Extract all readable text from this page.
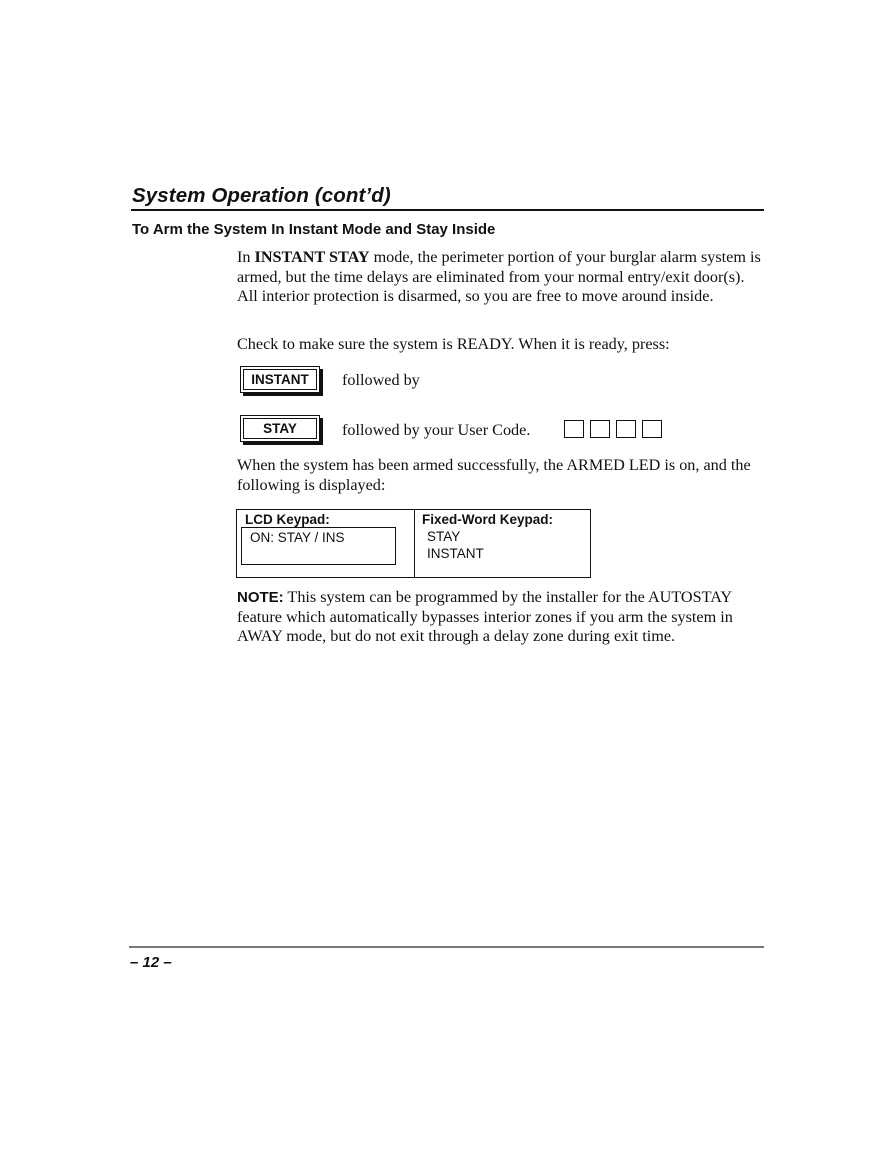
System Operation (cont’d)
To Arm the System In Instant Mode and Stay Inside

In INSTANT STAY mode, the perimeter portion of your burglar alarm system is armed, but the time delays are eliminated from your normal entry/exit door(s). All interior protection is disarmed, so you are free to move around inside.

Check to make sure the system is READY. When it is ready, press:

INSTANT	followed by
STAY	followed by your User Code.

When the system has been armed successfully, the ARMED LED is on, and the following is displayed:

LCD Keypad:
ON: STAY / INS
Fixed-Word Keypad:
STAY
INSTANT

NOTE: This system can be programmed by the installer for the AUTOSTAY feature which automatically bypasses interior zones if you arm the system in AWAY mode, but do not exit through a delay zone during exit time.

– 12 –
